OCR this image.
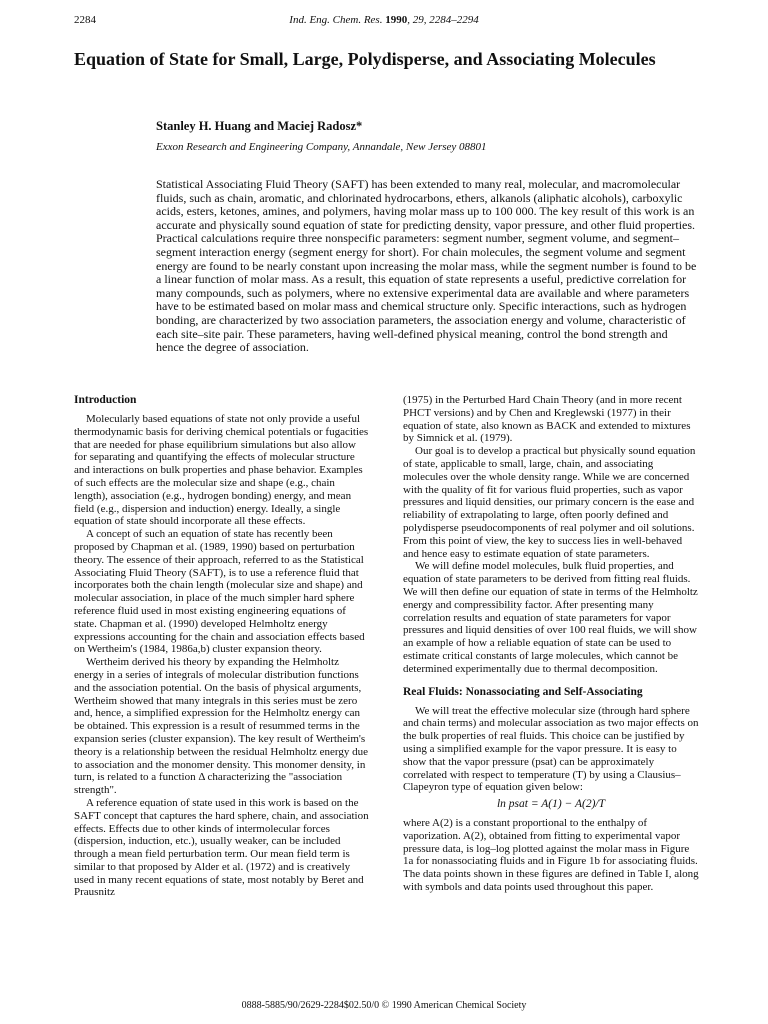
2284	Ind. Eng. Chem. Res. 1990, 29, 2284–2294
Equation of State for Small, Large, Polydisperse, and Associating Molecules
Stanley H. Huang and Maciej Radosz*
Exxon Research and Engineering Company, Annandale, New Jersey 08801

Statistical Associating Fluid Theory (SAFT) has been extended to many real, molecular, and macromolecular fluids, such as chain, aromatic, and chlorinated hydrocarbons, ethers, alkanols (aliphatic alcohols), carboxylic acids, esters, ketones, amines, and polymers, having molar mass up to 100 000. The key result of this work is an accurate and physically sound equation of state for predicting density, vapor pressure, and other fluid properties. Practical calculations require three nonspecific parameters: segment number, segment volume, and segment–segment interaction energy (segment energy for short). For chain molecules, the segment volume and segment energy are found to be nearly constant upon increasing the molar mass, while the segment number is found to be a linear function of molar mass. As a result, this equation of state represents a useful, predictive correlation for many compounds, such as polymers, where no extensive experimental data are available and where parameters have to be estimated based on molar mass and chemical structure only. Specific interactions, such as hydrogen bonding, are characterized by two association parameters, the association energy and volume, characteristic of each site–site pair. These parameters, having well-defined physical meaning, control the bond strength and hence the degree of association.

Introduction

Molecularly based equations of state not only provide a useful thermodynamic basis for deriving chemical potentials or fugacities that are needed for phase equilibrium simulations but also allow for separating and quantifying the effects of molecular structure and interactions on bulk properties and phase behavior. Examples of such effects are the molecular size and shape (e.g., chain length), association (e.g., hydrogen bonding) energy, and mean field (e.g., dispersion and induction) energy. Ideally, a single equation of state should incorporate all these effects.

A concept of such an equation of state has recently been proposed by Chapman et al. (1989, 1990) based on perturbation theory. The essence of their approach, referred to as the Statistical Associating Fluid Theory (SAFT), is to use a reference fluid that incorporates both the chain length (molecular size and shape) and molecular association, in place of the much simpler hard sphere reference fluid used in most existing engineering equations of state. Chapman et al. (1990) developed Helmholtz energy expressions accounting for the chain and association effects based on Wertheim's (1984, 1986a,b) cluster expansion theory.

Wertheim derived his theory by expanding the Helmholtz energy in a series of integrals of molecular distribution functions and the association potential. On the basis of physical arguments, Wertheim showed that many integrals in this series must be zero and, hence, a simplified expression for the Helmholtz energy can be obtained. This expression is a result of resummed terms in the expansion series (cluster expansion). The key result of Wertheim's theory is a relationship between the residual Helmholtz energy due to association and the monomer density. This monomer density, in turn, is related to a function Δ characterizing the "association strength".

A reference equation of state used in this work is based on the SAFT concept that captures the hard sphere, chain, and association effects. Effects due to other kinds of intermolecular forces (dispersion, induction, etc.), usually weaker, can be included through a mean field perturbation term. Our mean field term is similar to that proposed by Alder et al. (1972) and is creatively used in many recent equations of state, most notably by Beret and Prausnitz

(1975) in the Perturbed Hard Chain Theory (and in more recent PHCT versions) and by Chen and Kreglewski (1977) in their equation of state, also known as BACK and extended to mixtures by Simnick et al. (1979).

Our goal is to develop a practical but physically sound equation of state, applicable to small, large, chain, and associating molecules over the whole density range. While we are concerned with the quality of fit for various fluid properties, such as vapor pressures and liquid densities, our primary concern is the ease and reliability of extrapolating to large, often poorly defined and polydisperse pseudocomponents of real polymer and oil solutions. From this point of view, the key to success lies in well-behaved and hence easy to estimate equation of state parameters.

We will define model molecules, bulk fluid properties, and equation of state parameters to be derived from fitting real fluids. We will then define our equation of state in terms of the Helmholtz energy and compressibility factor. After presenting many correlation results and equation of state parameters for vapor pressures and liquid densities of over 100 real fluids, we will show an example of how a reliable equation of state can be used to estimate critical constants of large molecules, which cannot be determined experimentally due to thermal decomposition.

Real Fluids: Nonassociating and Self-Associating

We will treat the effective molecular size (through hard sphere and chain terms) and molecular association as two major effects on the bulk properties of real fluids. This choice can be justified by using a simplified example for the vapor pressure. It is easy to show that the vapor pressure (psat) can be approximately correlated with respect to temperature (T) by using a Clausius–Clapeyron type of equation given below:

ln psat = A(1) − A(2)/T

where A(2) is a constant proportional to the enthalpy of vaporization. A(2), obtained from fitting to experimental vapor pressure data, is log–log plotted against the molar mass in Figure 1a for nonassociating fluids and in Figure 1b for associating fluids. The data points shown in these figures are defined in Table I, along with symbols and data points used throughout this paper.

0888-5885/90/2629-2284$02.50/0 © 1990 American Chemical Society
